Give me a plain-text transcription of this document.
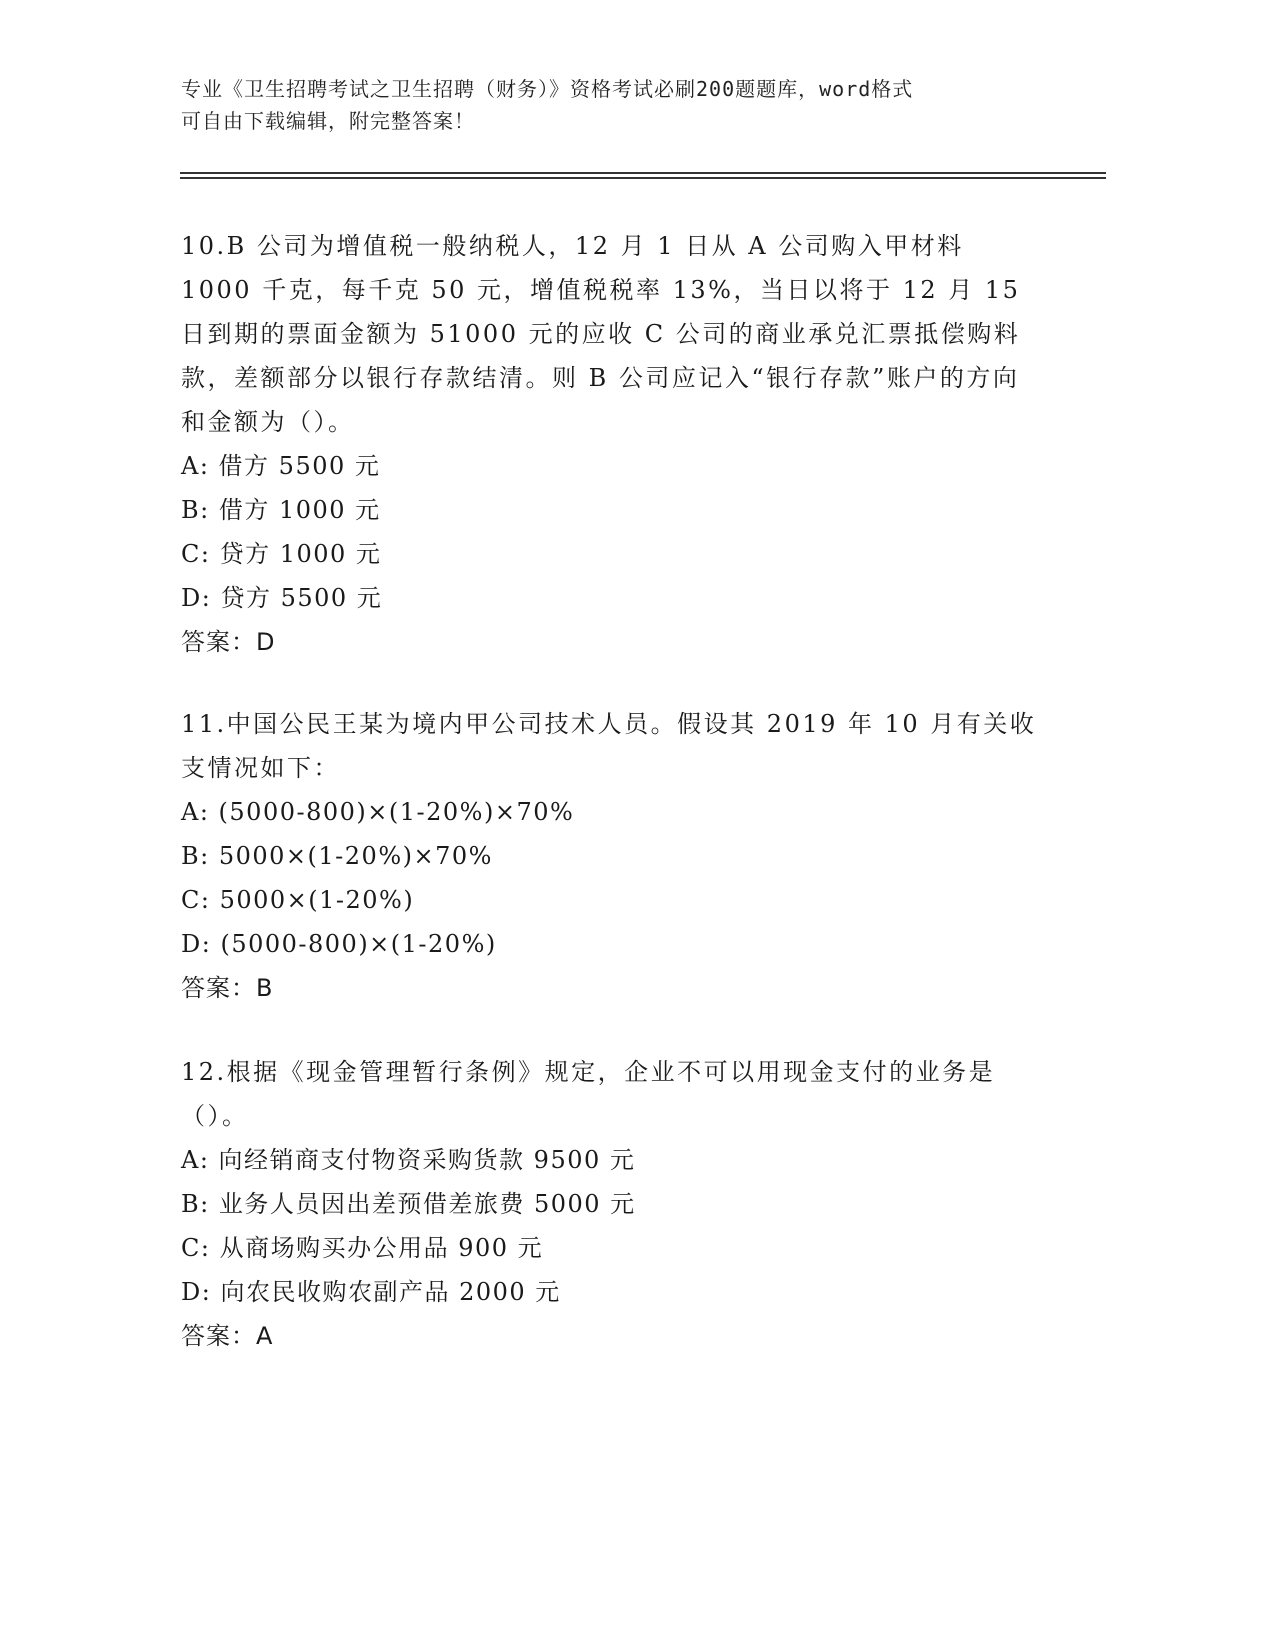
专业《卫生招聘考试之卫生招聘（财务）》资格考试必刷200题题库，word格式
可自由下载编辑，附完整答案！

10.B 公司为增值税一般纳税人，12 月 1 日从 A 公司购入甲材料 1000 千克，每千克 50 元，增值税税率 13%，当日以将于 12 月 15 日到期的票面金额为 51000 元的应收 C 公司的商业承兑汇票抵偿购料款，差额部分以银行存款结清。则 B 公司应记入“银行存款”账户的方向和金额为（）。

A: 借方 5500 元

B: 借方 1000 元

C: 贷方 1000 元

D: 贷方 5500 元

答案：D

11.中国公民王某为境内甲公司技术人员。假设其 2019 年 10 月有关收支情况如下：

A: (5000-800)×(1-20%)×70%

B: 5000×(1-20%)×70%

C: 5000×(1-20%)

D: (5000-800)×(1-20%)

答案：B

12.根据《现金管理暂行条例》规定，企业不可以用现金支付的业务是（）。

A: 向经销商支付物资采购货款 9500 元

B: 业务人员因出差预借差旅费 5000 元

C: 从商场购买办公用品 900 元

D: 向农民收购农副产品 2000 元

答案：A
